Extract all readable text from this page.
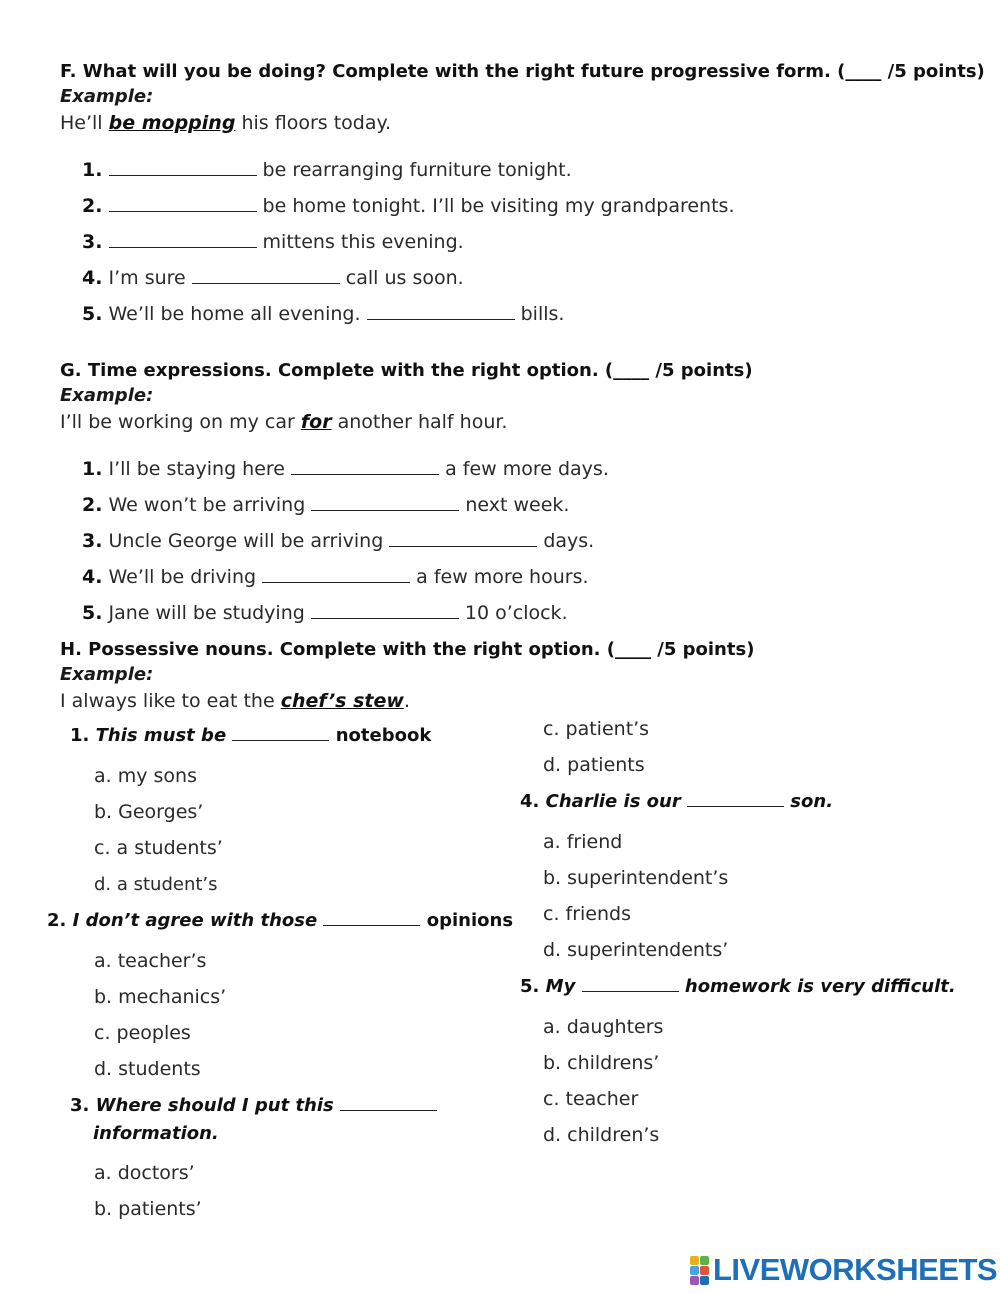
F. What will you be doing? Complete with the right future progressive form. (____ /5 points)
Example:
He’ll be mopping his floors today.
1.	be rearranging furniture tonight.
2.	be home tonight. I’ll be visiting my grandparents.
3.	mittens this evening.
4. I’m sure	call us soon.
5. We’ll be home all evening.	bills.
G. Time expressions. Complete with the right option. (____ /5 points)
Example:
I’ll be working on my car for another half hour.
1. I’ll be staying here	a few more days.
2. We won’t be arriving	next week.
3. Uncle George will be arriving	days.
4. We’ll be driving	a few more hours.
5. Jane will be studying	10 o’clock.
H. Possessive nouns. Complete with the right option. (____ /5 points)
Example:
I always like to eat the chef’s stew.
1. This must be	notebook
a. my sons
b. Georges’
c. a students’
d. a student’s
2. I don’t agree with those	opinions
a. teacher’s
b. mechanics’
c. peoples
d. students
3. Where should I put this
information.
a. doctors’
b. patients’
c. patient’s
d. patients
4. Charlie is our	son.
a. friend
b. superintendent’s
c. friends
d. superintendents’
5. My	homework is very difficult.
a. daughters
b. childrens’
c. teacher
d. children’s
LIVEWORKSHEETS
